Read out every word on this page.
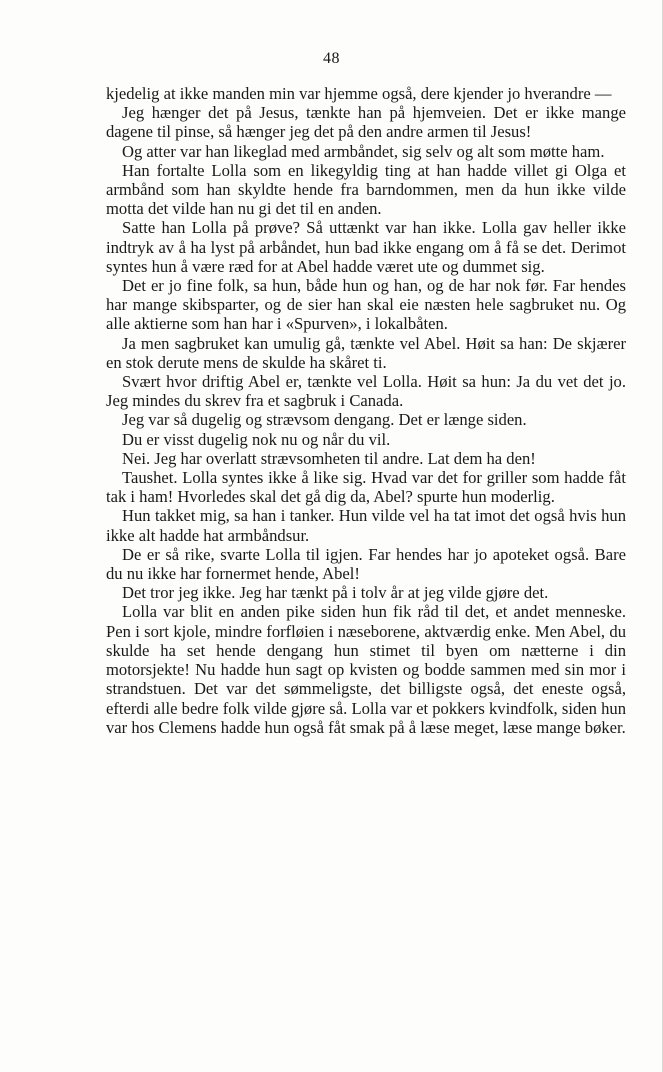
48

kjedelig at ikke manden min var hjemme også, dere kjender jo hverandre —

Jeg hænger det på Jesus, tænkte han på hjemveien. Det er ikke mange dagene til pinse, så hænger jeg det på den andre armen til Jesus!

Og atter var han likeglad med armbåndet, sig selv og alt som møtte ham.

Han fortalte Lolla som en likegyldig ting at han hadde villet gi Olga et armbånd som han skyldte hende fra barndommen, men da hun ikke vilde motta det vilde han nu gi det til en anden.

Satte han Lolla på prøve? Så uttænkt var han ikke. Lolla gav heller ikke indtryk av å ha lyst på arbåndet, hun bad ikke engang om å få se det. Derimot syntes hun å være ræd for at Abel hadde været ute og dummet sig.

Det er jo fine folk, sa hun, både hun og han, og de har nok før. Far hendes har mange skibsparter, og de sier han skal eie næsten hele sagbruket nu. Og alle aktierne som han har i «Spurven», i lokalbåten.

Ja men sagbruket kan umulig gå, tænkte vel Abel. Høit sa han: De skjærer en stok derute mens de skulde ha skåret ti.

Svært hvor driftig Abel er, tænkte vel Lolla. Høit sa hun: Ja du vet det jo. Jeg mindes du skrev fra et sagbruk i Canada.

Jeg var så dugelig og strævsom dengang. Det er længe siden.

Du er visst dugelig nok nu og når du vil.

Nei. Jeg har overlatt strævsomheten til andre. Lat dem ha den!

Taushet. Lolla syntes ikke å like sig. Hvad var det for griller som hadde fåt tak i ham! Hvorledes skal det gå dig da, Abel? spurte hun moderlig.

Hun takket mig, sa han i tanker. Hun vilde vel ha tat imot det også hvis hun ikke alt hadde hat armbåndsur.

De er så rike, svarte Lolla til igjen. Far hendes har jo apoteket også. Bare du nu ikke har fornermet hende, Abel!

Det tror jeg ikke. Jeg har tænkt på i tolv år at jeg vilde gjøre det.

Lolla var blit en anden pike siden hun fik råd til det, et andet menneske. Pen i sort kjole, mindre forfløien i næseborene, aktværdig enke. Men Abel, du skulde ha set hende dengang hun stimet til byen om nætterne i din motorsjekte! Nu hadde hun sagt op kvisten og bodde sammen med sin mor i strandstuen. Det var det sømmeligste, det billigste også, det eneste også, efterdi alle bedre folk vilde gjøre så. Lolla var et pokkers kvindfolk, siden hun var hos Clemens hadde hun også fåt smak på å læse meget, læse mange bøker.
